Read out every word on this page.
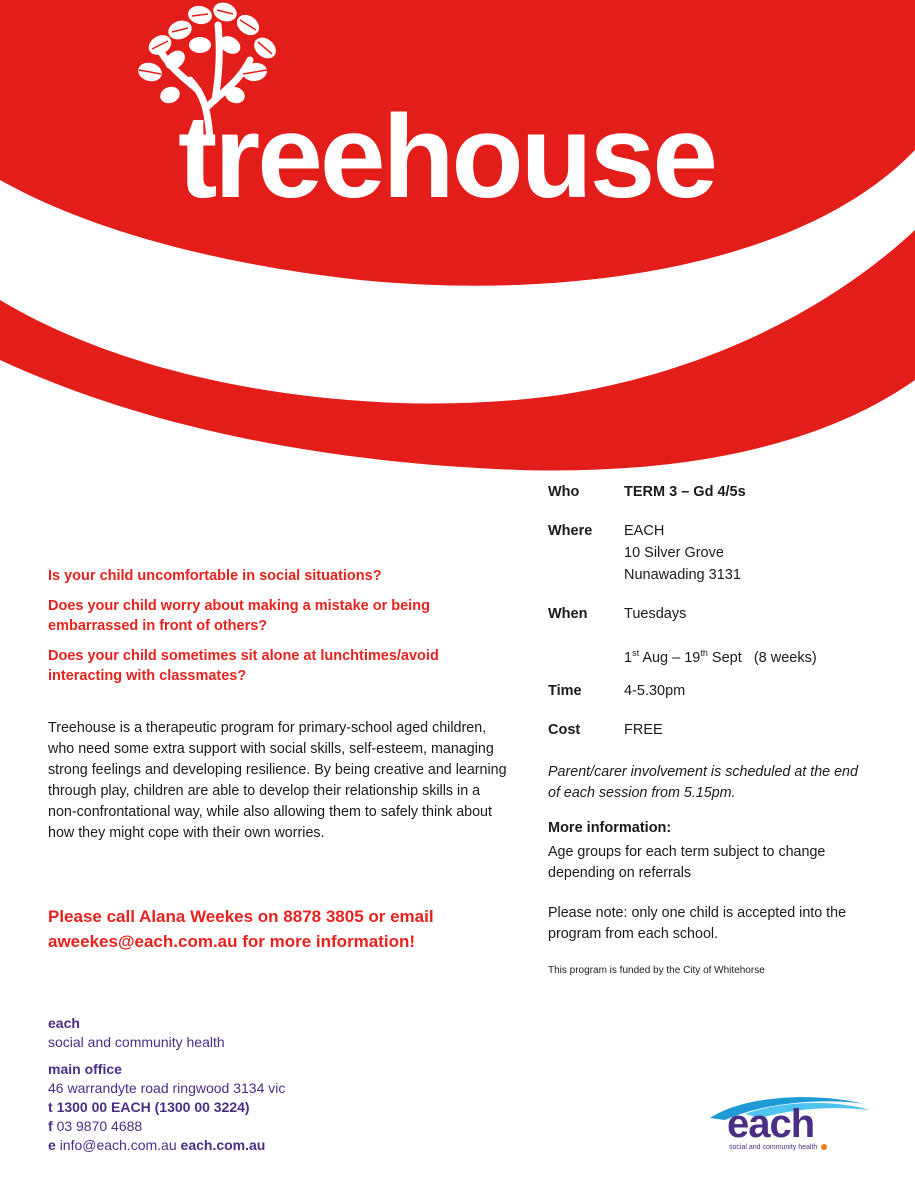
treehouse
Is your child uncomfortable in social situations?
Does your child worry about making a mistake or being embarrassed in front of others?
Does your child sometimes sit alone at lunchtimes/avoid interacting with classmates?
Treehouse is a therapeutic program for primary-school aged children, who need some extra support with social skills, self-esteem, managing strong feelings and developing resilience. By being creative and learning through play, children are able to develop their relationship skills in a non-confrontational way, while also allowing them to safely think about how they might cope with their own worries.
Please call Alana Weekes on 8878 3805 or email aweekes@each.com.au for more information!
Who	TERM 3 – Gd 4/5s
Where EACH
10 Silver Grove
Nunawading 3131
When	Tuesdays
1st Aug – 19th Sept   (8 weeks)
Time	4-5.30pm
Cost	FREE
Parent/carer involvement is scheduled at the end of each session from 5.15pm.
More information:
Age groups for each term subject to change depending on referrals
Please note: only one child is accepted into the program from each school.
This program is funded by the City of Whitehorse
each
social and community health
main office
46 warrandyte road ringwood 3134 vic
t 1300 00 EACH (1300 00 3224)
f 03 9870 4688
e info@each.com.au each.com.au	each
social and community health
